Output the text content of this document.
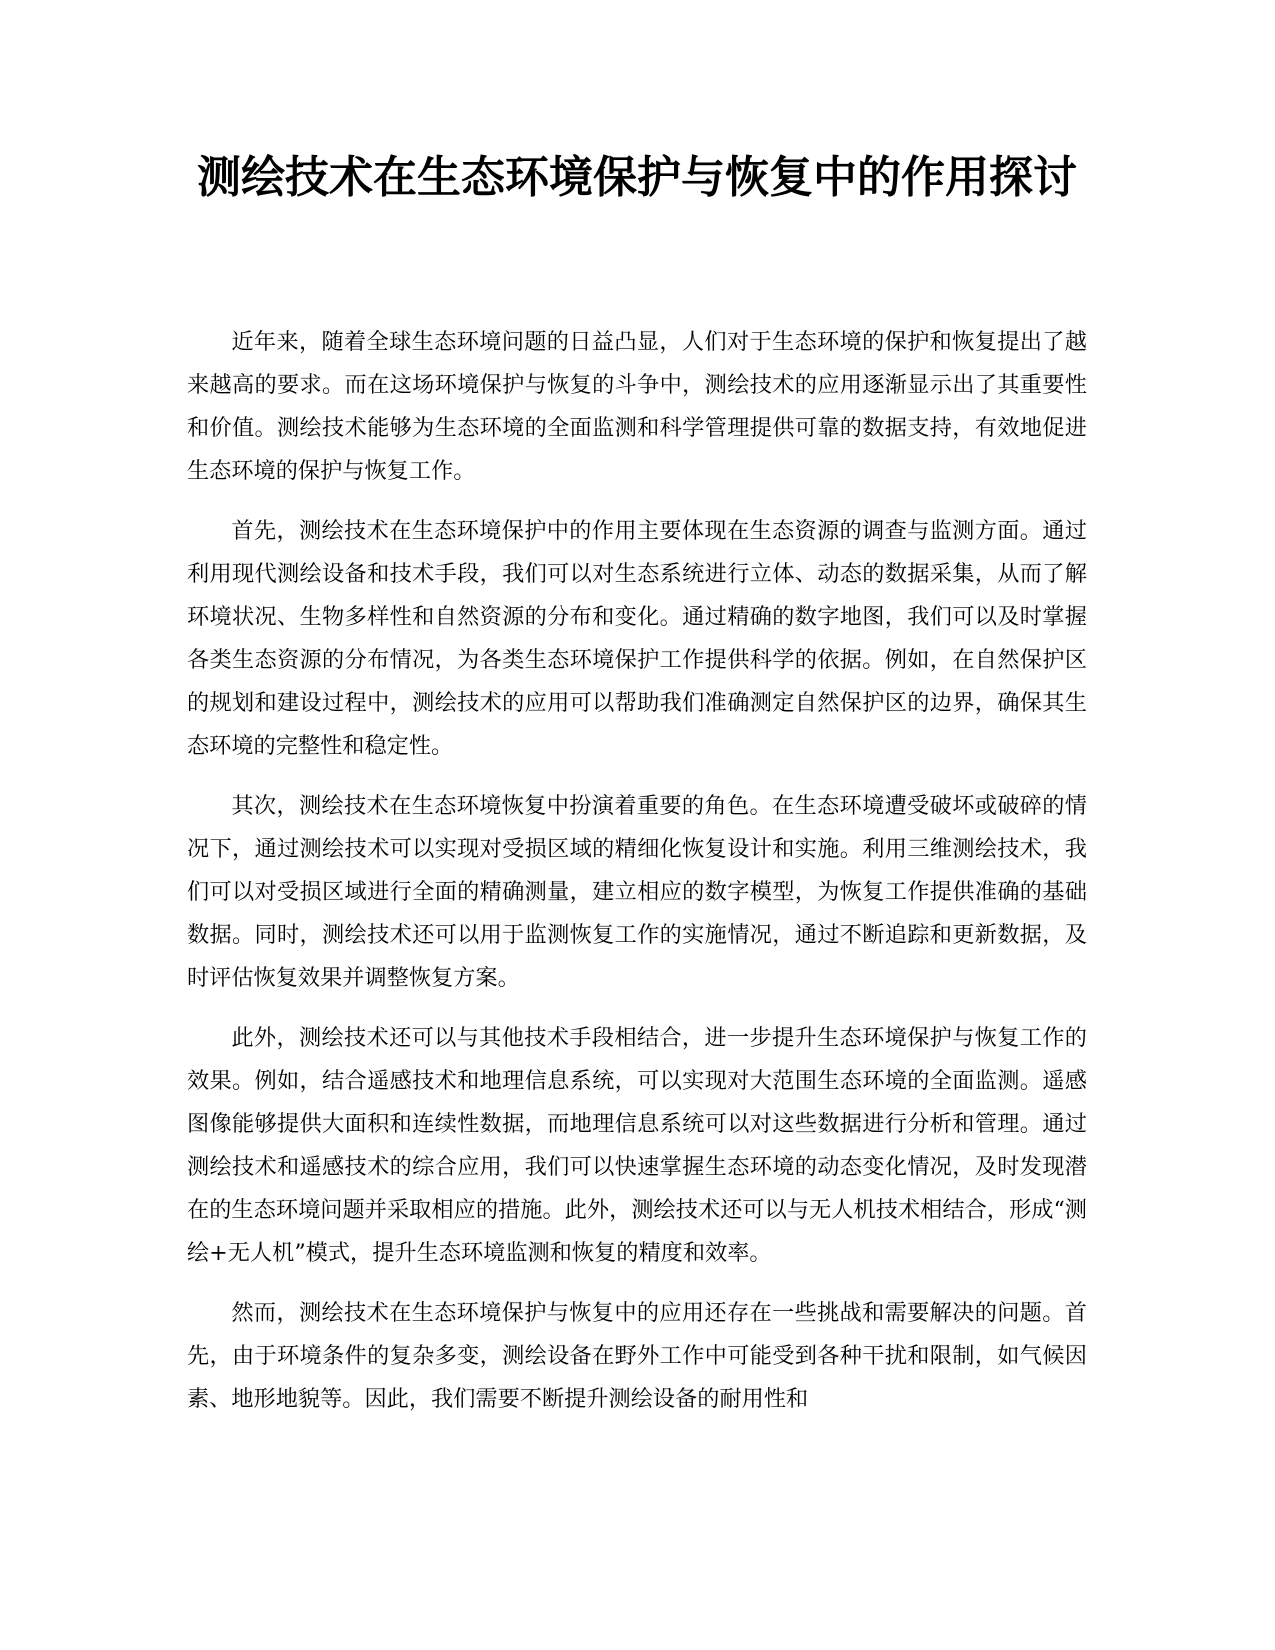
测绘技术在生态环境保护与恢复中的作用探讨

近年来，随着全球生态环境问题的日益凸显，人们对于生态环境的保护和恢复提出了越来越高的要求。而在这场环境保护与恢复的斗争中，测绘技术的应用逐渐显示出了其重要性和价值。测绘技术能够为生态环境的全面监测和科学管理提供可靠的数据支持，有效地促进生态环境的保护与恢复工作。

首先，测绘技术在生态环境保护中的作用主要体现在生态资源的调查与监测方面。通过利用现代测绘设备和技术手段，我们可以对生态系统进行立体、动态的数据采集，从而了解环境状况、生物多样性和自然资源的分布和变化。通过精确的数字地图，我们可以及时掌握各类生态资源的分布情况，为各类生态环境保护工作提供科学的依据。例如，在自然保护区的规划和建设过程中，测绘技术的应用可以帮助我们准确测定自然保护区的边界，确保其生态环境的完整性和稳定性。

其次，测绘技术在生态环境恢复中扮演着重要的角色。在生态环境遭受破坏或破碎的情况下，通过测绘技术可以实现对受损区域的精细化恢复设计和实施。利用三维测绘技术，我们可以对受损区域进行全面的精确测量，建立相应的数字模型，为恢复工作提供准确的基础数据。同时，测绘技术还可以用于监测恢复工作的实施情况，通过不断追踪和更新数据，及时评估恢复效果并调整恢复方案。

此外，测绘技术还可以与其他技术手段相结合，进一步提升生态环境保护与恢复工作的效果。例如，结合遥感技术和地理信息系统，可以实现对大范围生态环境的全面监测。遥感图像能够提供大面积和连续性数据，而地理信息系统可以对这些数据进行分析和管理。通过测绘技术和遥感技术的综合应用，我们可以快速掌握生态环境的动态变化情况，及时发现潜在的生态环境问题并采取相应的措施。此外，测绘技术还可以与无人机技术相结合，形成“测绘+无人机”模式，提升生态环境监测和恢复的精度和效率。

然而，测绘技术在生态环境保护与恢复中的应用还存在一些挑战和需要解决的问题。首先，由于环境条件的复杂多变，测绘设备在野外工作中可能受到各种干扰和限制，如气候因素、地形地貌等。因此，我们需要不断提升测绘设备的耐用性和
